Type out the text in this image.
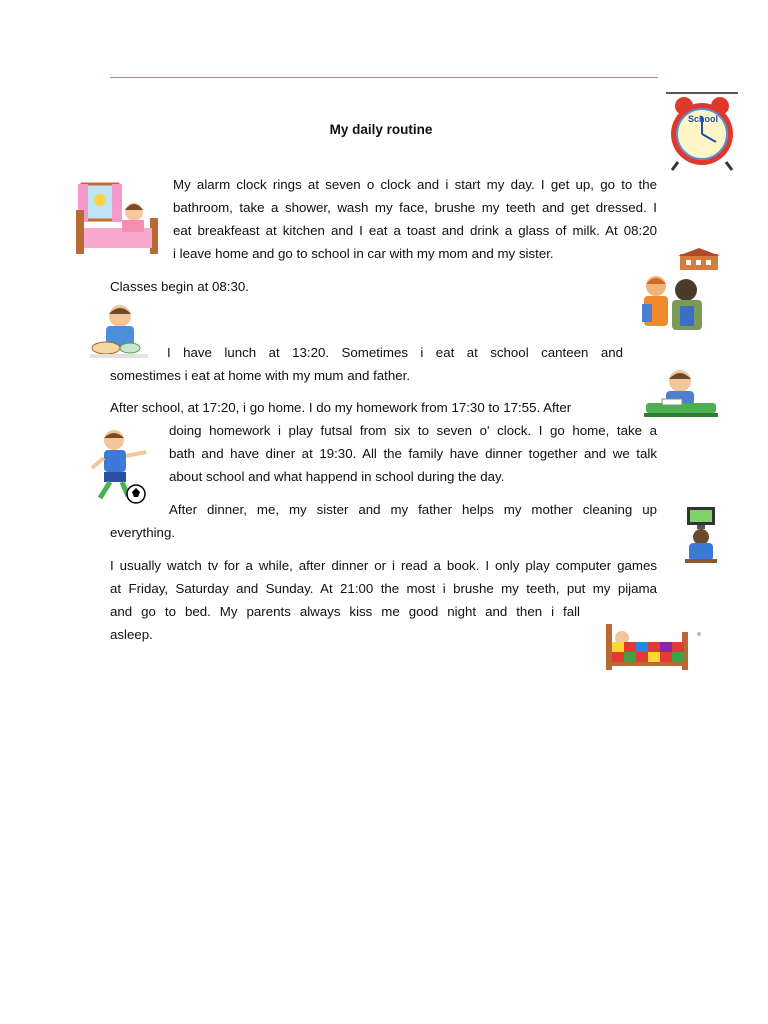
My daily routine
My alarm clock rings at seven o clock and i start my day. I get up, go to the
bathroom, take a shower, wash my face, brushe my teeth and get dressed. I
eat breakfeast at kitchen and I eat a toast and drink a glass of milk. At 08:20
i leave home and go to school in car with my mom and my sister.
Classes begin at 08:30.
I have lunch at 13:20. Sometimes i eat at school canteen and
somestimes i eat at home with my mum and father.
After school, at 17:20, i go home. I do my homework from 17:30 to 17:55. After
doing homework i play futsal from six to seven o' clock. I go home, take a
bath and have diner at 19:30. All the family have dinner together and we talk
about school and what happend in school during the day.
After dinner, me, my sister and my father helps my mother cleaning up
everything.
I usually watch tv for a while, after dinner or i read a book. I only play computer games
at Friday, Saturday and Sunday. At 21:00 the most i brushe my teeth, put my pijama
and go to bed. My parents always kiss me good night and then i fall
asleep.
School
